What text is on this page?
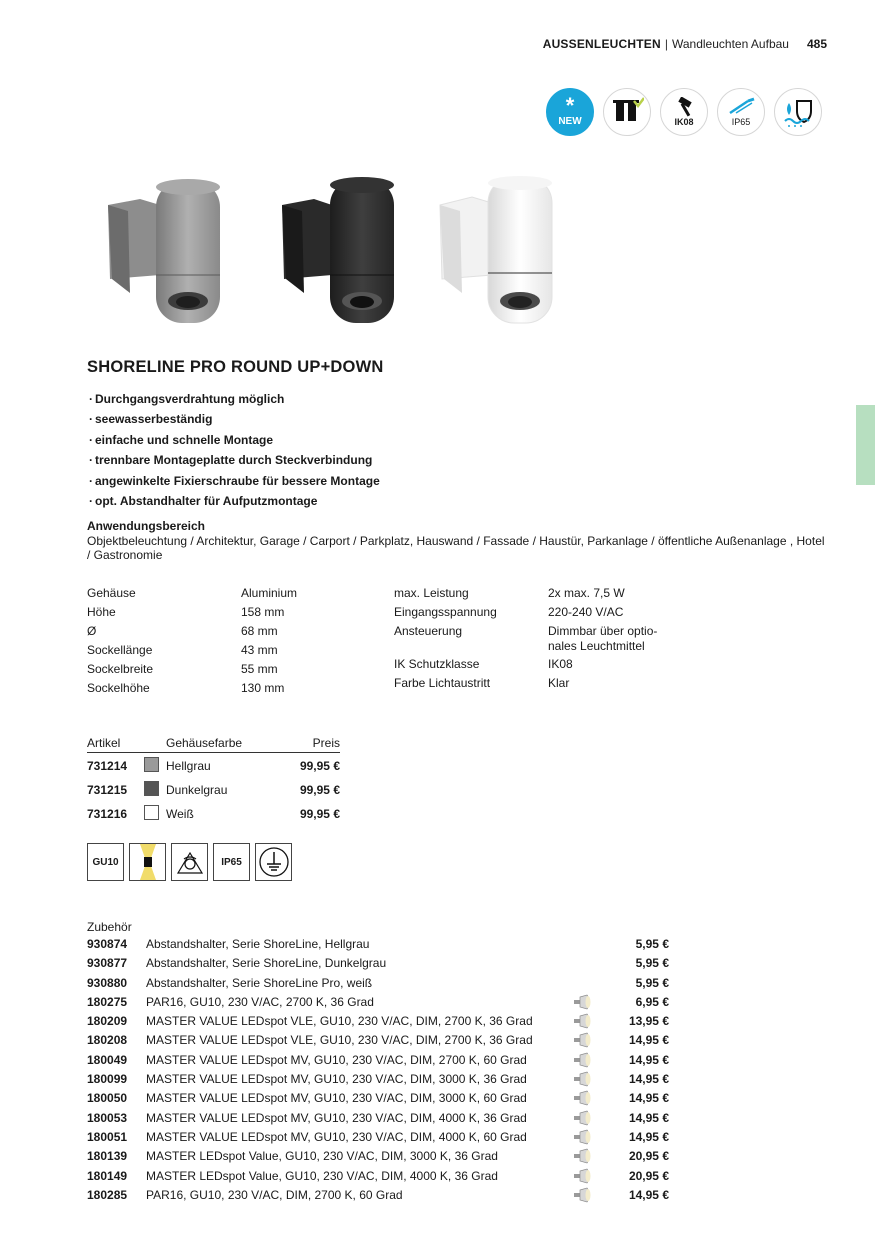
AUSSENLEUCHTEN | Wandleuchten Aufbau 485
*
NEW	IK08	IP65
SHORELINE PRO ROUND UP+DOWN
· Durchgangsverdrahtung möglich
· seewasserbeständig
· einfache und schnelle Montage
· trennbare Montageplatte durch Steckverbindung
· angewinkelte Fixierschraube für bessere Montage
· opt. Abstandhalter für Aufputzmontage
Anwendungsbereich
Objektbeleuchtung / Architektur, Garage / Carport / Parkplatz, Hauswand / Fassade / Haustür, Parkanlage / öffentliche Außenanlage , Hotel / Gastronomie
Gehäuse	Aluminium
Höhe	158 mm
Ø	68 mm
Sockellänge	43 mm
Sockelbreite	55 mm
Sockelhöhe	130 mm
max. Leistung	2x max. 7,5 W
Eingangsspannung	220-240 V/AC
Ansteuerung	Dimmbar über optio-nales Leuchtmittel
IK Schutzklasse	IK08
Farbe Lichtaustritt	Klar
Artikel	Gehäusefarbe	Preis
731214	Hellgrau	99,95 €
731215	Dunkelgrau	99,95 €
731216	Weiß	99,95 €
GU10	IP65
Zubehör
930874 Abstandshalter, Serie ShoreLine, Hellgrau	5,95 €
930877 Abstandshalter, Serie ShoreLine, Dunkelgrau	5,95 €
930880 Abstandshalter, Serie ShoreLine Pro, weiß	5,95 €
180275 PAR16, GU10, 230 V/AC, 2700 K, 36 Grad	6,95 €
180209 MASTER VALUE LEDspot VLE, GU10, 230 V/AC, DIM, 2700 K, 36 Grad	13,95 €
180208 MASTER VALUE LEDspot VLE, GU10, 230 V/AC, DIM, 2700 K, 36 Grad	14,95 €
180049 MASTER VALUE LEDspot MV, GU10, 230 V/AC, DIM, 2700 K, 60 Grad	14,95 €
180099 MASTER VALUE LEDspot MV, GU10, 230 V/AC, DIM, 3000 K, 36 Grad	14,95 €
180050 MASTER VALUE LEDspot MV, GU10, 230 V/AC, DIM, 3000 K, 60 Grad	14,95 €
180053 MASTER VALUE LEDspot MV, GU10, 230 V/AC, DIM, 4000 K, 36 Grad	14,95 €
180051 MASTER VALUE LEDspot MV, GU10, 230 V/AC, DIM, 4000 K, 60 Grad	14,95 €
180139 MASTER LEDspot Value, GU10, 230 V/AC, DIM, 3000 K, 36 Grad	20,95 €
180149 MASTER LEDspot Value, GU10, 230 V/AC, DIM, 4000 K, 36 Grad	20,95 €
180285 PAR16, GU10, 230 V/AC, DIM, 2700 K, 60 Grad	14,95 €
